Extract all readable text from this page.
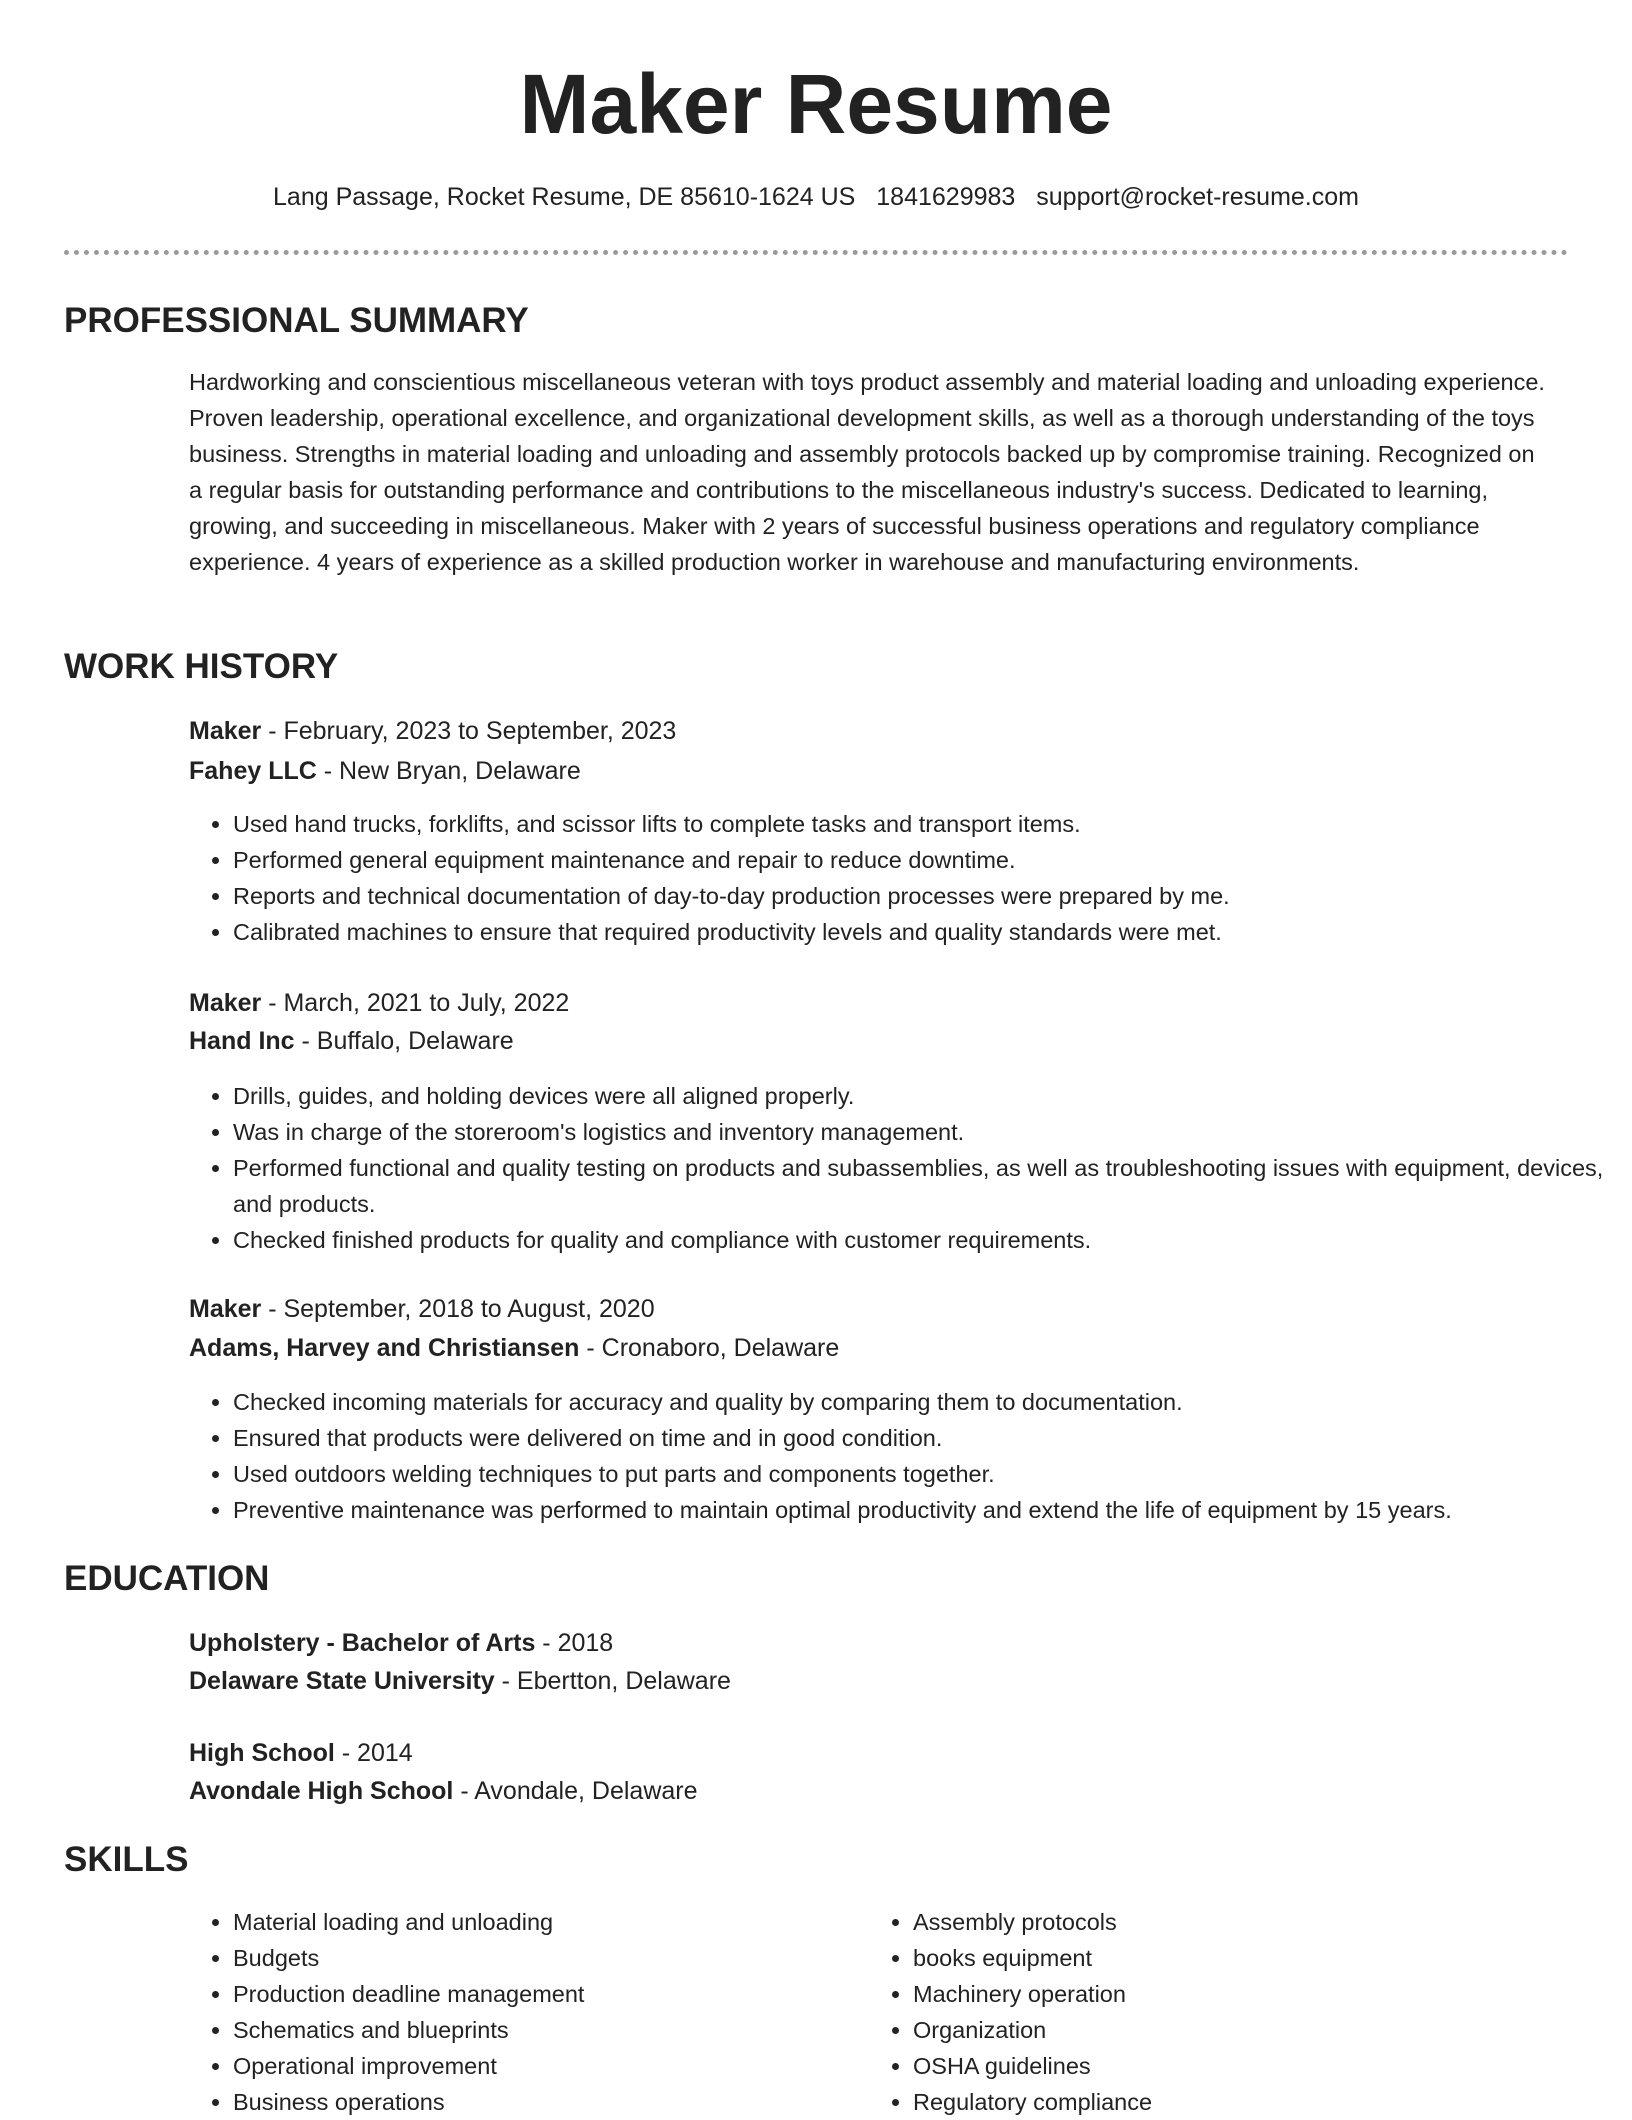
Maker Resume
Lang Passage, Rocket Resume, DE 85610-1624 US 1841629983 support@rocket-resume.com
PROFESSIONAL SUMMARY

Hardworking and conscientious miscellaneous veteran with toys product assembly and material loading and unloading experience. Proven leadership, operational excellence, and organizational development skills, as well as a thorough understanding of the toys business. Strengths in material loading and unloading and assembly protocols backed up by compromise training. Recognized on a regular basis for outstanding performance and contributions to the miscellaneous industry's success. Dedicated to learning, growing, and succeeding in miscellaneous. Maker with 2 years of successful business operations and regulatory compliance experience. 4 years of experience as a skilled production worker in warehouse and manufacturing environments.

WORK HISTORY
Maker - February, 2023 to September, 2023
Fahey LLC - New Bryan, Delaware
• Used hand trucks, forklifts, and scissor lifts to complete tasks and transport items.
• Performed general equipment maintenance and repair to reduce downtime.
• Reports and technical documentation of day-to-day production processes were prepared by me.
• Calibrated machines to ensure that required productivity levels and quality standards were met.
Maker - March, 2021 to July, 2022
Hand Inc - Buffalo, Delaware
• Drills, guides, and holding devices were all aligned properly.
• Was in charge of the storeroom's logistics and inventory management.
• Performed functional and quality testing on products and subassemblies, as well as troubleshooting issues with equipment, devices, and products.
• Checked finished products for quality and compliance with customer requirements.
Maker - September, 2018 to August, 2020
Adams, Harvey and Christiansen - Cronaboro, Delaware
• Checked incoming materials for accuracy and quality by comparing them to documentation.
• Ensured that products were delivered on time and in good condition.
• Used outdoors welding techniques to put parts and components together.
• Preventive maintenance was performed to maintain optimal productivity and extend the life of equipment by 15 years.
EDUCATION
Upholstery - Bachelor of Arts - 2018
Delaware State University - Ebertton, Delaware
High School - 2014
Avondale High School - Avondale, Delaware
SKILLS
• Material loading and unloading
• Budgets
• Production deadline management
• Schematics and blueprints
• Operational improvement
• Business operations
• Assembly protocols
• books equipment
• Machinery operation
• Organization
• OSHA guidelines
• Regulatory compliance
